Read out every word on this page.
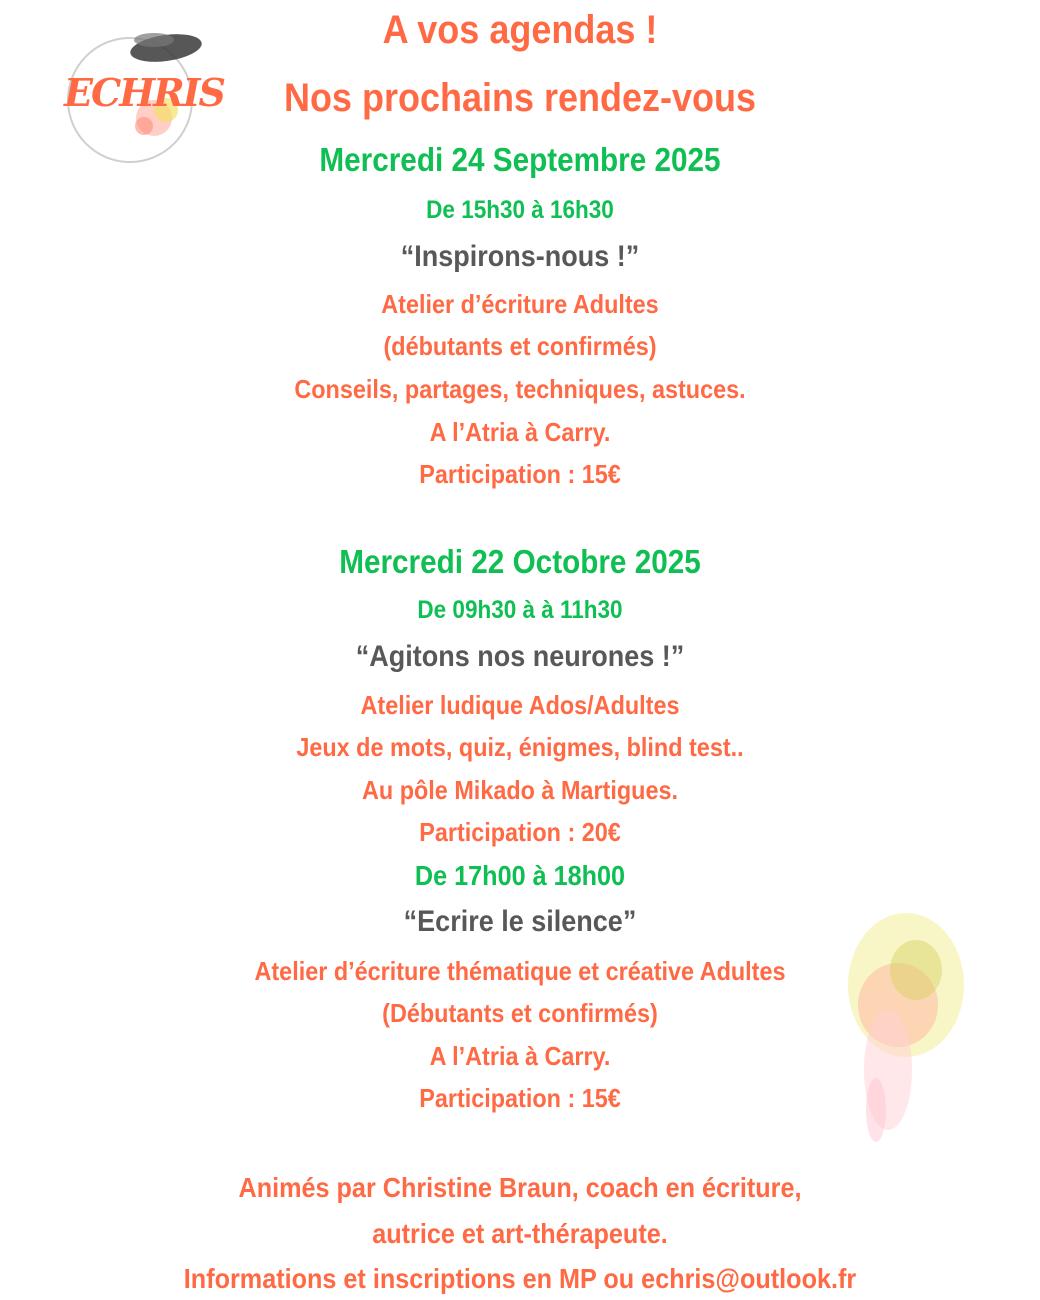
ECHRIS
A vos agendas !
Nos prochains rendez-vous
Mercredi 24 Septembre 2025
De 15h30 à 16h30
“Inspirons-nous !”
Atelier d’écriture Adultes
(débutants et confirmés)
Conseils, partages, techniques, astuces.
A l’Atria à Carry.
Participation : 15€
Mercredi 22 Octobre 2025
De 09h30 à à 11h30
“Agitons nos neurones !”
Atelier ludique Ados/Adultes
Jeux de mots, quiz, énigmes, blind test..
Au pôle Mikado à Martigues.
Participation : 20€
De 17h00 à 18h00
“Ecrire le silence”
Atelier d’écriture thématique et créative Adultes
(Débutants et confirmés)
A l’Atria à Carry.
Participation : 15€
Animés par Christine Braun, coach en écriture,
autrice et art-thérapeute.
Informations et inscriptions en MP ou echris@outlook.fr
